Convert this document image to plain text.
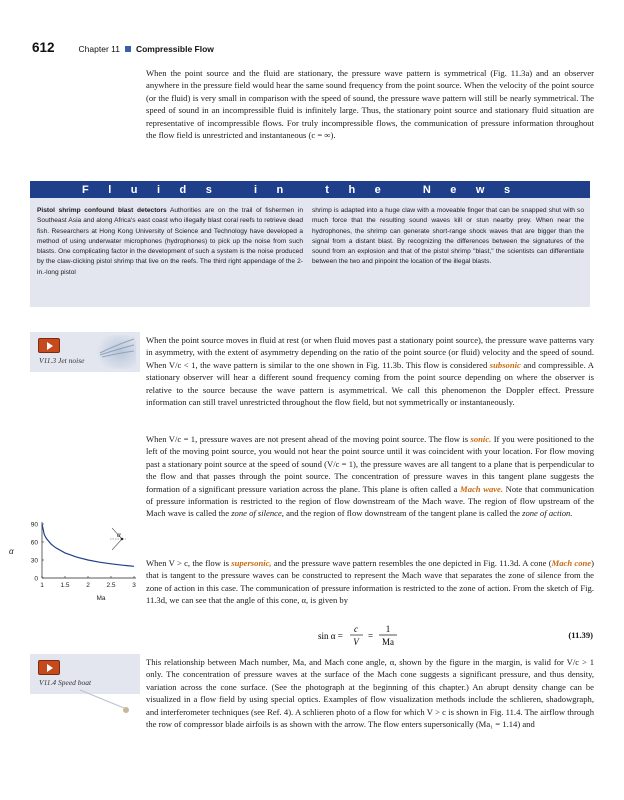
612	Chapter 11 Compressible Flow

When the point source and the fluid are stationary, the pressure wave pattern is symmetrical (Fig. 11.3a) and an observer anywhere in the pressure field would hear the same sound frequency from the point source. When the velocity of the point source (or the fluid) is very small in comparison with the speed of sound, the pressure wave pattern will still be nearly symmetrical. The speed of sound in an incompressible fluid is infinitely large. Thus, the stationary point source and stationary fluid situation are representative of incompressible flows. For truly incompressible flows, the communication of pressure information throughout the flow field is unrestricted and instantaneous (c = ∞).

Fluids in the News

Pistol shrimp confound blast detectors Authorities are on the trail of fishermen in Southeast Asia and along Africa's east coast who illegally blast coral reefs to retrieve dead fish. Researchers at Hong Kong University of Science and Technology have developed a method of using underwater microphones (hydrophones) to pick up the noise from such blasts. One complicating factor in the development of such a system is the noise produced by the claw-clicking pistol shrimp that live on the reefs. The third right appendage of the 2-in.-long pistol

shrimp is adapted into a huge claw with a moveable finger that can be snapped shut with so much force that the resulting sound waves kill or stun nearby prey. When near the hydrophones, the shrimp can generate short-range shock waves that are bigger than the signal from a distant blast. By recognizing the differences between the signatures of the sound from an explosion and that of the pistol shrimp "blast," the scientists can differentiate between the two and pinpoint the location of the illegal blasts.

V11.3 Jet noise

When the point source moves in fluid at rest (or when fluid moves past a stationary point source), the pressure wave patterns vary in asymmetry, with the extent of asymmetry depending on the ratio of the point source (or fluid) velocity and the speed of sound. When V/c < 1, the wave pattern is similar to the one shown in Fig. 11.3b. This flow is considered subsonic and compressible. A stationary observer will hear a different sound frequency coming from the point source depending on where the observer is relative to the source because the wave pattern is asymmetrical. We call this phenomenon the Doppler effect. Pressure information can still travel unrestricted throughout the flow field, but not symmetrically or instantaneously.

When V/c = 1, pressure waves are not present ahead of the moving point source. The flow is sonic. If you were positioned to the left of the moving point source, you would not hear the point source until it was coincident with your location. For flow moving past a stationary point source at the speed of sound (V/c = 1), the pressure waves are all tangent to a plane that is perpendicular to the flow and that passes through the point source. The concentration of pressure waves in this tangent plane suggests the formation of a significant pressure variation across the plane. This plane is often called a Mach wave. Note that communication of pressure information is restricted to the region of flow downstream of the Mach wave. The region of flow upstream of the Mach wave is called the zone of silence, and the region of flow downstream of the tangent plane is called the zone of action.

When V > c, the flow is supersonic, and the pressure wave pattern resembles the one depicted in Fig. 11.3d. A cone (Mach cone) that is tangent to the pressure waves can be constructed to represent the Mach wave that separates the zone of silence from the zone of action in this case. The communication of pressure information is restricted to the zone of action. From the sketch of Fig. 11.3d, we can see that the angle of this cone, α, is given by

sin α =
c
V
=
1
Ma
(11.39)
α
Ma
1	1.5	2	2.5	3
0
30
60
90
α
V11.4 Speed boat

This relationship between Mach number, Ma, and Mach cone angle, α, shown by the figure in the margin, is valid for V/c > 1 only. The concentration of pressure waves at the surface of the Mach cone suggests a significant pressure, and thus density, variation across the cone surface. (See the photograph at the beginning of this chapter.) An abrupt density change can be visualized in a flow field by using special optics. Examples of flow visualization methods include the schlieren, shadowgraph, and interferometer techniques (see Ref. 4). A schlieren photo of a flow for which V > c is shown in Fig. 11.4. The airflow through the row of compressor blade airfoils is as shown with the arrow. The flow enters supersonically (Ma₁ = 1.14) and
